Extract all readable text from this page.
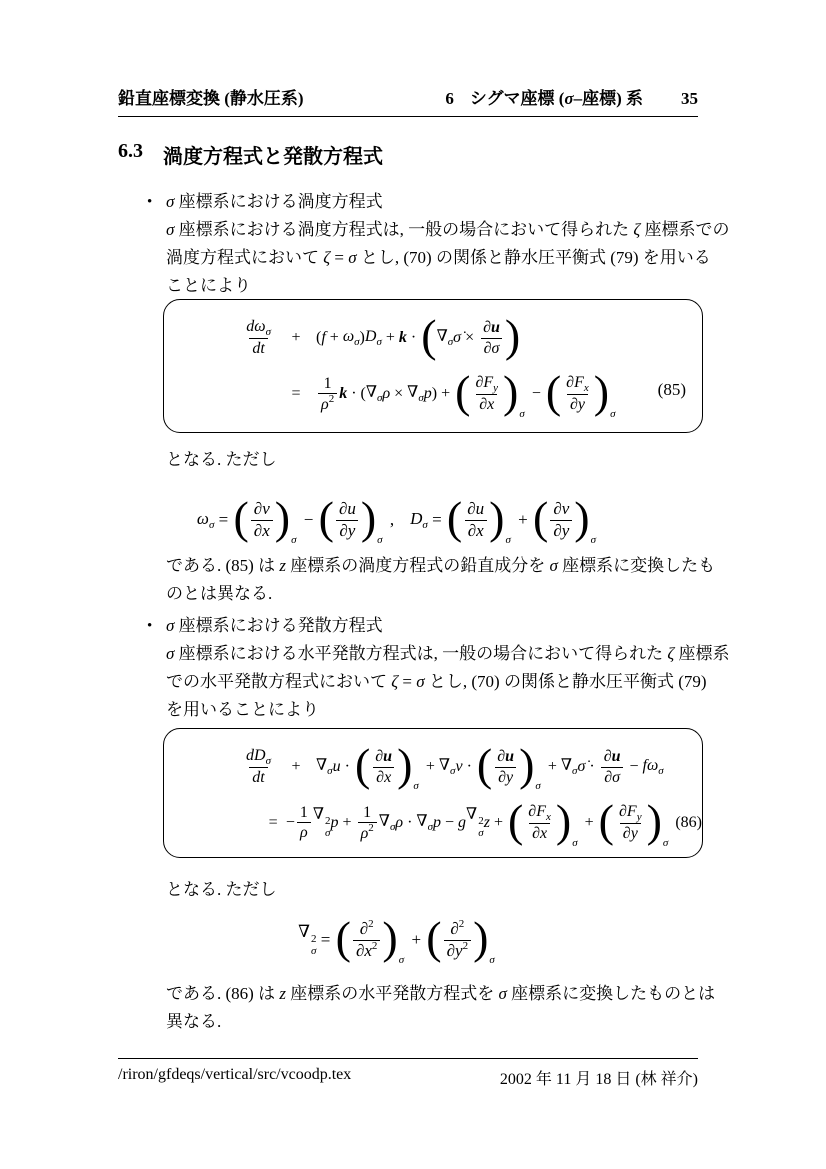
鉛直座標変換 (静水圧系)	6 シグマ座標 (σ–座標) 系 35
6.3 渦度方程式と発散方程式
• σ 座標系における渦度方程式
σ 座標系における渦度方程式は, 一般の場合において得られた ζ 座標系での
渦度方程式において ζ = σ とし, (70) の関係と静水圧平衡式 (79) を用いる
ことにより
$\frac{d\omega_\sigma}{dt}$	+ ( $f + \omega_\sigma$ ) $D_\sigma + k$ · ( $\nabla_\sigma$ σ̇ × $\frac{\partial u}{\partial\sigma}$ )
=	$\frac{1}{\rho^2}$ k · ( $\nabla_\sigma$ $\rho \times \nabla_\sigma$ p ) + ( $\frac{\partial F_y}{\partial x}$ ) σ
− ( $\frac{\partial F_x}{\partial y}$ ) σ
(85)
となる. ただし
$\omega_\sigma$ = ( $\frac{\partial v}{\partial x}$ ) σ
− ( $\frac{\partial u}{\partial y}$ ) σ
, $D_\sigma$ = ( $\frac{\partial u}{\partial x}$ ) σ
+ ( $\frac{\partial v}{\partial y}$ ) σ
である. (85) は z 座標系の渦度方程式の鉛直成分を σ 座標系に変換したも
のとは異なる.
• σ 座標系における発散方程式
σ 座標系における水平発散方程式は, 一般の場合において得られた ζ 座標系
での水平発散方程式において ζ = σ とし, (70) の関係と静水圧平衡式 (79)
を用いることにより
$\frac{dD_\sigma}{dt}$	+ $\nabla_\sigma$ u · ( $\frac{\partial u}{\partial x}$ ) σ
+ $\nabla_\sigma$ v · ( $\frac{\partial u}{\partial y}$ ) σ
+ $\nabla_\sigma$ σ̇ · $\frac{\partial u}{\partial\sigma} - f\omega_\sigma$
= − $\frac{1}{\rho}$ ∇ 2
σ
$p + \frac{1}{\rho^2} \nabla_\sigma$ $\rho \cdot \nabla_\sigma$ p − g ∇ 2
σ
z + ( $\frac{\partial F_x}{\partial x}$ ) σ
+ ( $\frac{\partial F_y}{\partial y}$ ) σ
(86)
となる. ただし
∇ 2
σ
= ( $\frac{\partial^2}{\partial x^2}$ ) σ
+ ( $\frac{\partial^2}{\partial y^2}$ ) σ
である. (86) は z 座標系の水平発散方程式を σ 座標系に変換したものとは
異なる.
/riron/gfdeqs/vertical/src/vcoodp.tex	2002 年 11 月 18 日 (林 祥介)
